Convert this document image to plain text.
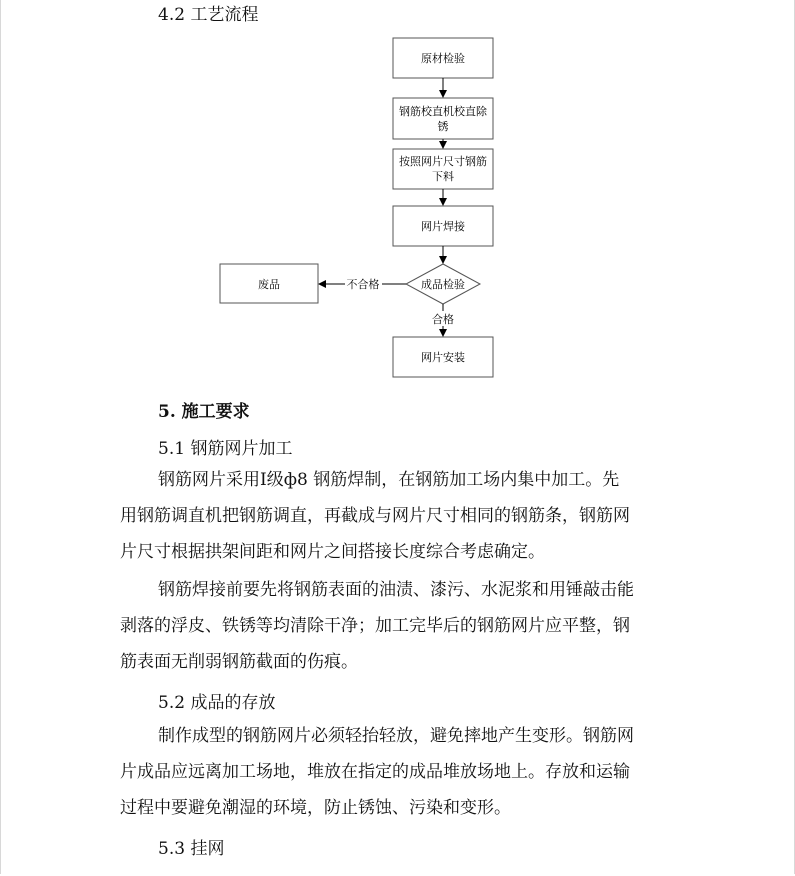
4.2 工艺流程
原材检验
钢筋校直机校直除
锈
按照网片尺寸钢筋
下料
网片焊接
成品检验
废品
网片安装
不合格
合格
5. 施工要求
5.1 钢筋网片加工
钢筋网片采用Ⅰ级ф8 钢筋焊制，在钢筋加工场内集中加工。先
用钢筋调直机把钢筋调直，再截成与网片尺寸相同的钢筋条，钢筋网
片尺寸根据拱架间距和网片之间搭接长度综合考虑确定。
钢筋焊接前要先将钢筋表面的油渍、漆污、水泥浆和用锤敲击能
剥落的浮皮、铁锈等均清除干净；加工完毕后的钢筋网片应平整，钢
筋表面无削弱钢筋截面的伤痕。
5.2 成品的存放
制作成型的钢筋网片必须轻抬轻放，避免摔地产生变形。钢筋网
片成品应远离加工场地，堆放在指定的成品堆放场地上。存放和运输
过程中要避免潮湿的环境，防止锈蚀、污染和变形。
5.3 挂网
